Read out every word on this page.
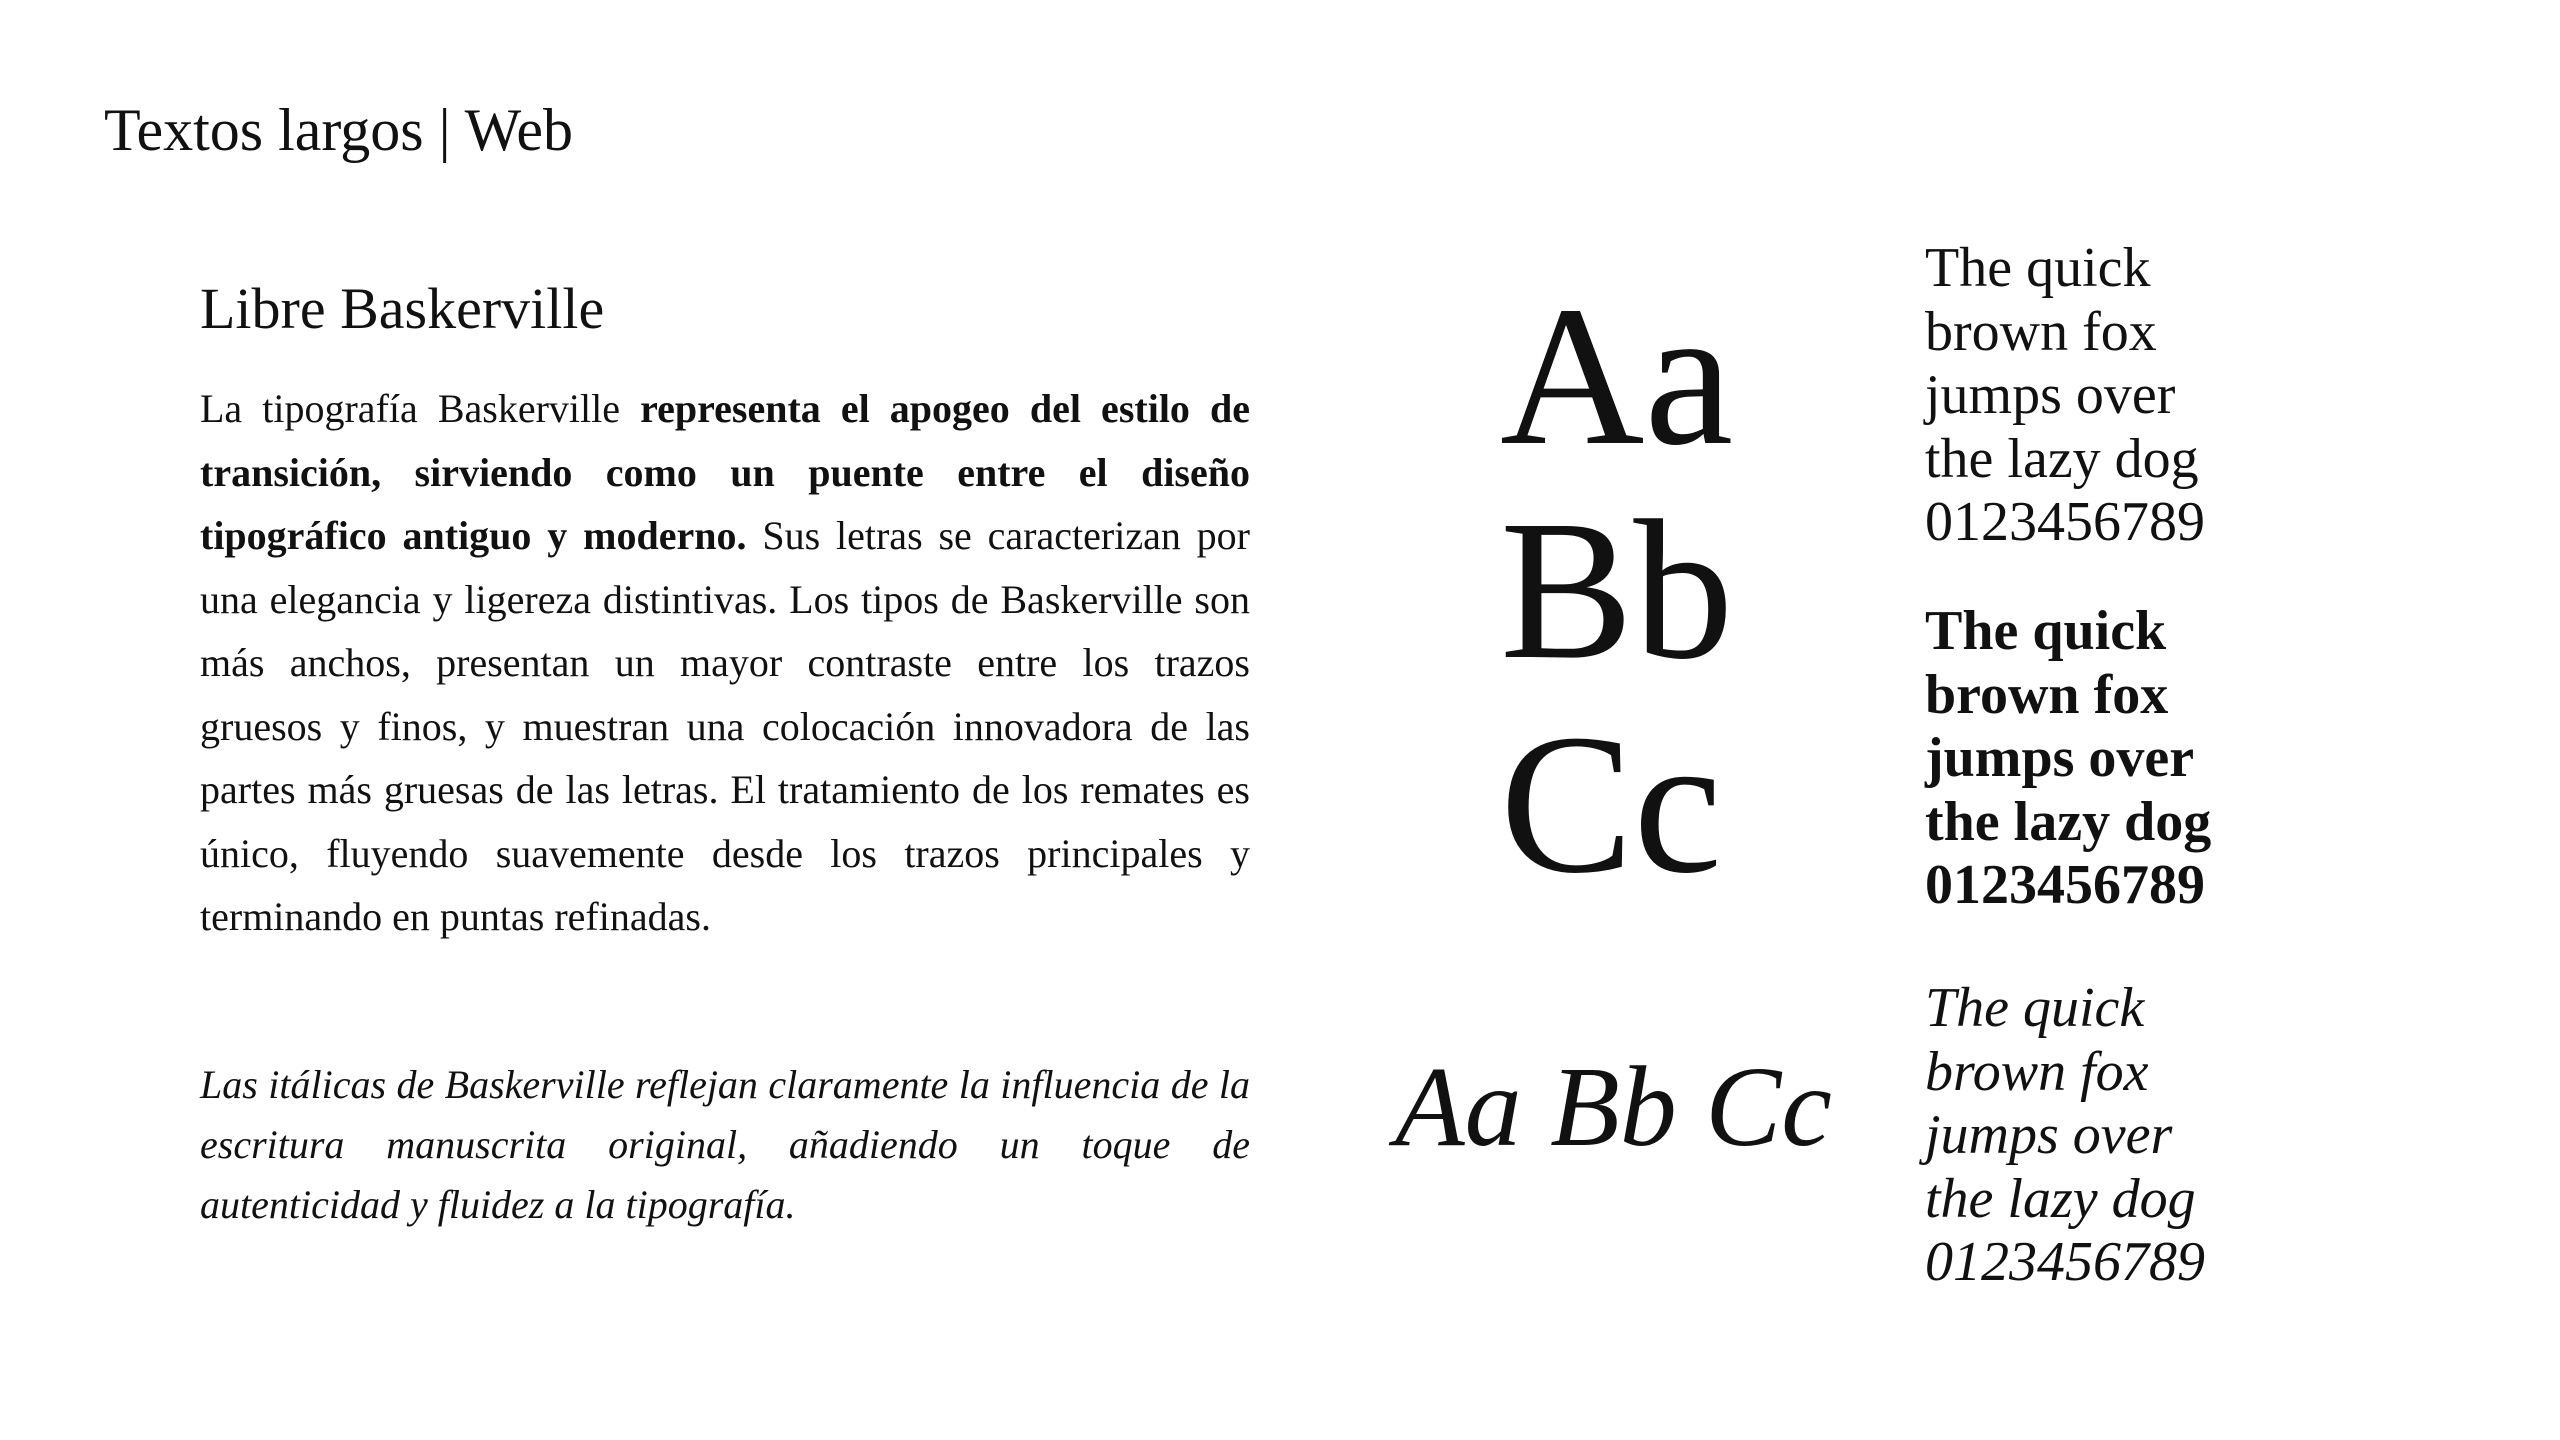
Textos largos | Web
Libre Baskerville

La tipografía Baskerville representa el apogeo del estilo de transición, sirviendo como un puente entre el diseño tipográfico antiguo y moderno. Sus letras se caracterizan por una elegancia y ligereza distintivas. Los tipos de Baskerville son más anchos, presentan un mayor contraste entre los trazos gruesos y finos, y muestran una colocación innovadora de las partes más gruesas de las letras. El tratamiento de los remates es único, fluyendo suavemente desde los trazos principales y terminando en puntas refinadas.

Las itálicas de Baskerville reflejan claramente la influencia de la escritura manuscrita original, añadiendo un toque de autenticidad y fluidez a la tipografía.

Aa
Bb
Cc
Aa Bb Cc
The quick
brown fox
jumps over
the lazy dog
0123456789
The quick
brown fox
jumps over
the lazy dog
0123456789
The quick
brown fox
jumps over
the lazy dog
0123456789
